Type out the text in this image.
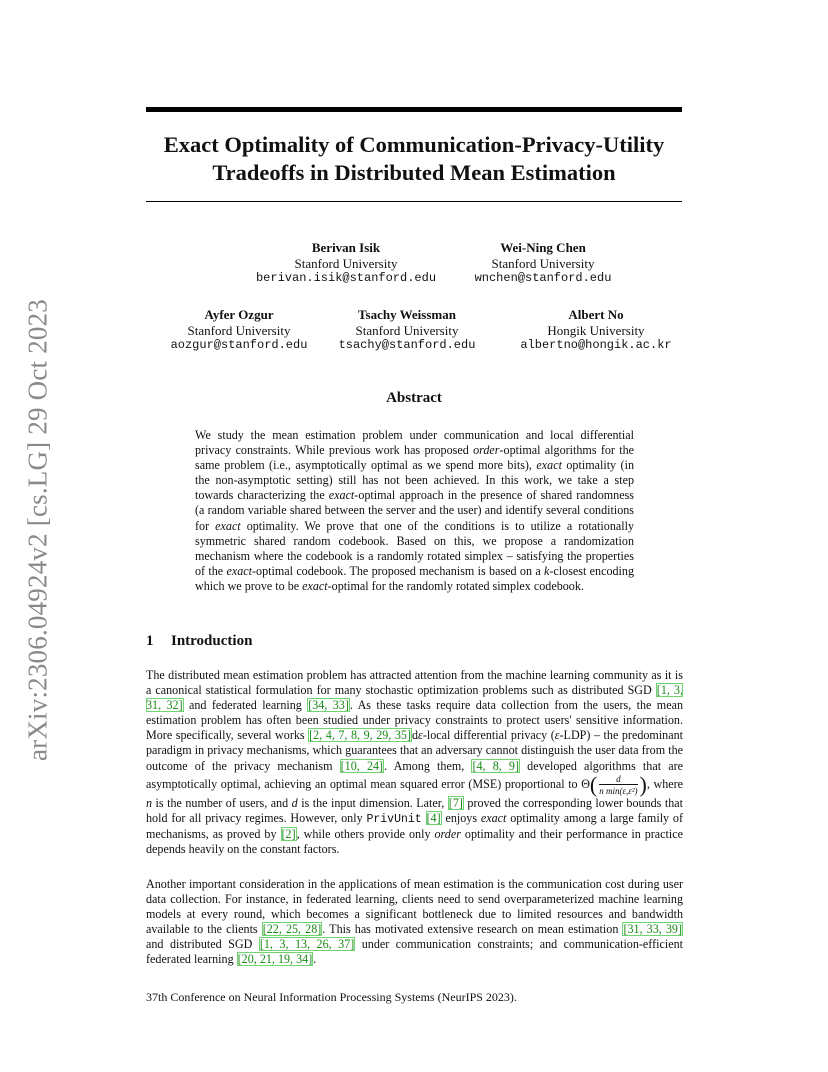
arXiv:2306.04924v2 [cs.LG] 29 Oct 2023
Exact Optimality of Communication-Privacy-Utility
Tradeoffs in Distributed Mean Estimation
Berivan Isik
Stanford University
berivan.isik@stanford.edu
Wei-Ning Chen
Stanford University
wnchen@stanford.edu
Ayfer Ozgur
Stanford University
aozgur@stanford.edu
Tsachy Weissman
Stanford University
tsachy@stanford.edu
Albert No
Hongik University
albertno@hongik.ac.kr
Abstract
We study the mean estimation problem under communication and local differential privacy constraints. While previous work has proposed order-optimal algorithms for the same problem (i.e., asymptotically optimal as we spend more bits), exact optimality (in the non-asymptotic setting) still has not been achieved. In this work, we take a step towards characterizing the exact-optimal approach in the presence of shared randomness (a random variable shared between the server and the user) and identify several conditions for exact optimality. We prove that one of the conditions is to utilize a rotationally symmetric shared random codebook. Based on this, we propose a randomization mechanism where the codebook is a randomly rotated simplex – satisfying the properties of the exact-optimal codebook. The proposed mechanism is based on a k-closest encoding which we prove to be exact-optimal for the randomly rotated simplex codebook.
1 Introduction
The distributed mean estimation problem has attracted attention from the machine learning community as it is a canonical statistical formulation for many stochastic optimization problems such as distributed SGD [1, 3, 31, 32] and federated learning [34, 33]. As these tasks require data collection from the users, the mean estimation problem has often been studied under privacy constraints to protect users' sensitive information. More specifically, several works [2, 4, 7, 8, 9, 29, 35]dε-local differential privacy (ε-LDP) – the predominant paradigm in privacy mechanisms, which guarantees that an adversary cannot distinguish the user data from the outcome of the privacy mechanism [10, 24]. Among them, [4, 8, 9] developed algorithms that are asymptotically optimal, achieving an optimal mean squared error (MSE) proportional to Θ ( $\frac{d}{\text{n min(ε,ε²)}}$ ) , where n is the number of users, and d is the input dimension. Later, [7] proved the corresponding lower bounds that hold for all privacy regimes. However, only PrivUnit [4] enjoys exact optimality among a large family of mechanisms, as proved by [2], while others provide only order optimality and their performance in practice depends heavily on the constant factors.
Another important consideration in the applications of mean estimation is the communication cost during user data collection. For instance, in federated learning, clients need to send overparameterized machine learning models at every round, which becomes a significant bottleneck due to limited resources and bandwidth available to the clients [22, 25, 28]. This has motivated extensive research on mean estimation [31, 33, 39] and distributed SGD [1, 3, 13, 26, 37] under communication constraints; and communication-efficient federated learning [20, 21, 19, 34].
37th Conference on Neural Information Processing Systems (NeurIPS 2023).
